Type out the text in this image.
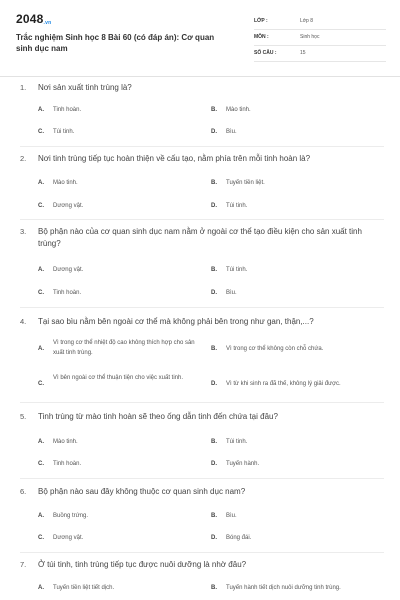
2048.vn
Trắc nghiệm Sinh học 8 Bài 60 (có đáp án): Cơ quan sinh dục nam
LỚP :	Lớp 8
MÔN :	Sinh học
SỐ CÂU :	15
1. Nơi sản xuất tinh trùng là?
A. Tinh hoàn.	B. Mào tinh.
C. Túi tinh.	D. Bìu.
2. Nơi tinh trùng tiếp tục hoàn thiện về cấu tạo, nằm phía trên mỗi tinh hoàn là?
A. Mào tinh.	B. Tuyến tiền liệt.
C. Dương vật.	D. Túi tinh.
3. Bộ phận nào của cơ quan sinh dục nam nằm ở ngoài cơ thể tạo điều kiện cho sản xuất tinh trùng?
A. Dương vật.	B. Túi tinh.
C. Tinh hoàn.	D. Bìu.
4. Tại sao bìu nằm bên ngoài cơ thể mà không phải bên trong như gan, thận,...?
A.
Vì trong cơ thể nhiệt độ cao không thích hợp cho sản xuất tinh trùng.
B. Vì trong cơ thể không còn chỗ chứa.
C.
Vì bên ngoài cơ thể thuận tiện cho việc xuất tinh.
D. Vì từ khi sinh ra đã thế, không lý giải được.
5. Tinh trùng từ mào tinh hoàn sẽ theo ống dẫn tinh đến chứa tại đâu?
A. Mào tinh.	B. Túi tinh.
C. Tinh hoàn.	D. Tuyến hành.
6. Bộ phận nào sau đây không thuộc cơ quan sinh dục nam?
A. Buồng trứng.	B. Bìu.
C. Dương vật.	D. Bóng đái.
7. Ở túi tinh, tinh trùng tiếp tục được nuôi dưỡng là nhờ đâu?
A. Tuyến tiền liệt tiết dịch.	B. Tuyến hành tiết dịch nuôi dưỡng tinh trùng.
